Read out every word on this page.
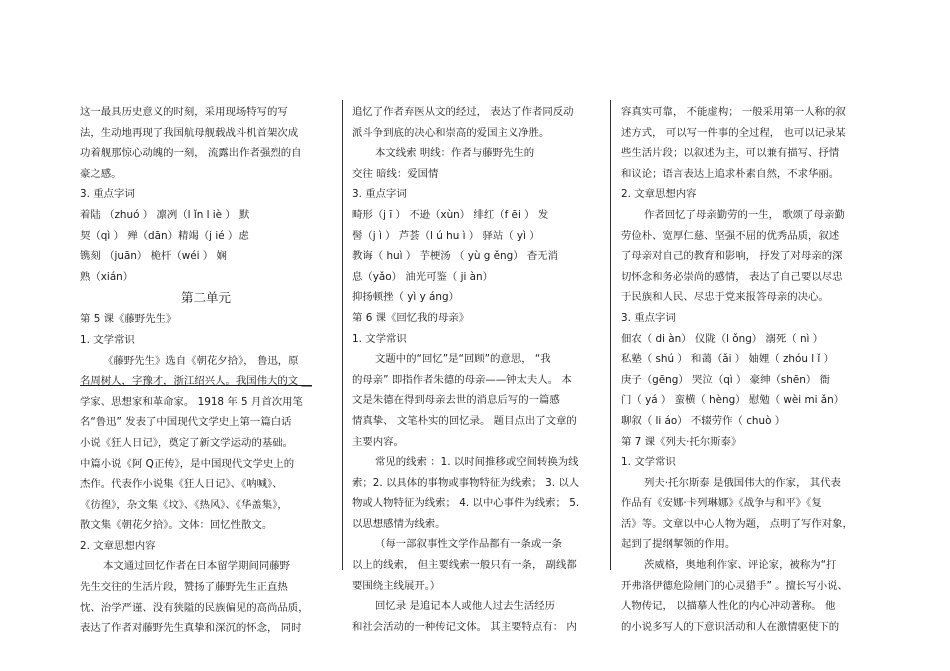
这一最具历史意义的时刻，采用现场特写的写
法，生动地再现了我国航母舰载战斗机首架次成
功着舰那惊心动魄的一刻， 流露出作者强烈的自
豪之感。
3. 重点字词
着陆 （zhuó ） 凛冽（l ǐn l iè ） 默
契（qì ） 殚（dān）精竭（j ié ）虑
镌刻 （juān） 桅杆（wéi ） 娴
熟（xián）
第二单元
第 5 课《藤野先生》
1. 文学常识
《藤野先生》选自《朝花夕拾》， 鲁迅，原
名周树人，字豫才，浙江绍兴人。我国伟大的文 __
学家、思想家和革命家。 1918 年 5 月首次用笔
名“鲁迅” 发表了中国现代文学史上第一篇白话
小说《狂人日记》，奠定了新文学运动的基础。
中篇小说《阿 Q正传》，是中国现代文学史上的
杰作。代表作小说集《狂人日记》、《呐喊》、
《彷徨》，杂文集《坟》、《热风》、《华盖集》，
散文集《朝花夕拾》。文体：回忆性散文。
2. 文章思想内容
本文通过回忆作者在日本留学期间同藤野
先生交往的生活片段，赞扬了藤野先生正直热
忱、治学严谨、没有狭隘的民族偏见的高尚品质，
表达了作者对藤野先生真挚和深沉的怀念， 同时
追忆了作者弃医从文的经过， 表达了作者同反动
派斗争到底的决心和崇高的爱国主义净胜。
本文线索 明线：作者与藤野先生的
交往 暗线：爱国情
3. 重点字词
畸形（j ī ） 不逊（xùn） 绯红（f ēi ） 发
髻（j ì ） 芦荟（l ú hu ì ） 驿站（ yì ）
教诲（ huì ） 芋梗汤 （ yù g ěng） 杳无消
息（yǎo） 油光可鉴（ ji àn）
抑扬顿挫（ yì y áng）
第 6 课《回忆我的母亲》
1. 文学常识
文题中的“回忆”是“回顾”的意思， “我
的母亲” 即指作者朱德的母亲——钟太夫人。 本
文是朱德在得到母亲去世的消息后写的一篇感
情真挚、 文笔朴实的回忆录。 题目点出了文章的
主要内容。
常见的线索 ：1. 以时间推移或空间转换为线
索；2. 以具体的事物或事物特征为线索； 3. 以人
物或人物特征为线索； 4. 以中心事件为线索； 5.
以思想感情为线索。
（每一部叙事性文学作品都有一条或一条
以上的线索， 但主要线索一般只有一条， 副线都
要围绕主线展开。）
回忆录 是追记本人或他人过去生活经历
和社会活动的一种传记文体。 其主要特点有： 内
容真实可靠， 不能虚构； 一般采用第一人称的叙
述方式， 可以写一件事的全过程， 也可以记录某
些生活片段；以叙述为主，可以兼有描写、抒情
和议论；语言表达上追求朴素自然，不求华丽。
2. 文章思想内容
作者回忆了母亲勤劳的一生， 歌颂了母亲勤
劳俭朴、宽厚仁慈、坚强不屈的优秀品质，叙述
了母亲对自己的教育和影响， 抒发了对母亲的深
切怀念和务必崇尚的感情， 表达了自己要以尽忠
于民族和人民、尽忠于党来报答母亲的决心。
3. 重点字词
佃农（ di àn） 仪陇（l ǒng） 溺死（ nì ）
私塾（ shú ） 和蔼（ǎi ） 妯娌（ zhóu l ǐ ）
庚子（gēng） 哭泣（qì ） 豪绅（shēn） 衙
门（ yá ） 蛮横（ hèng） 慰勉（ wèi mi ǎn）
聊叙（ li áo） 不辍劳作（ chuò ）
第 7 课《列夫·托尔斯泰》
1. 文学常识
列夫·托尔斯泰 是俄国伟大的作家， 其代表
作品有《安娜·卡列琳娜》《战争与和平》《复
活》等。文章以中心人物为题， 点明了写作对象，
起到了提纲挈领的作用。
茨威格，奥地利作家、评论家，被称为“打
开弗洛伊德危险闸门的心灵猎手” 。擅长写小说、
人物传记， 以描摹人性化的内心冲动著称。 他
的小说多写人的下意识活动和人在激情驱使下的
